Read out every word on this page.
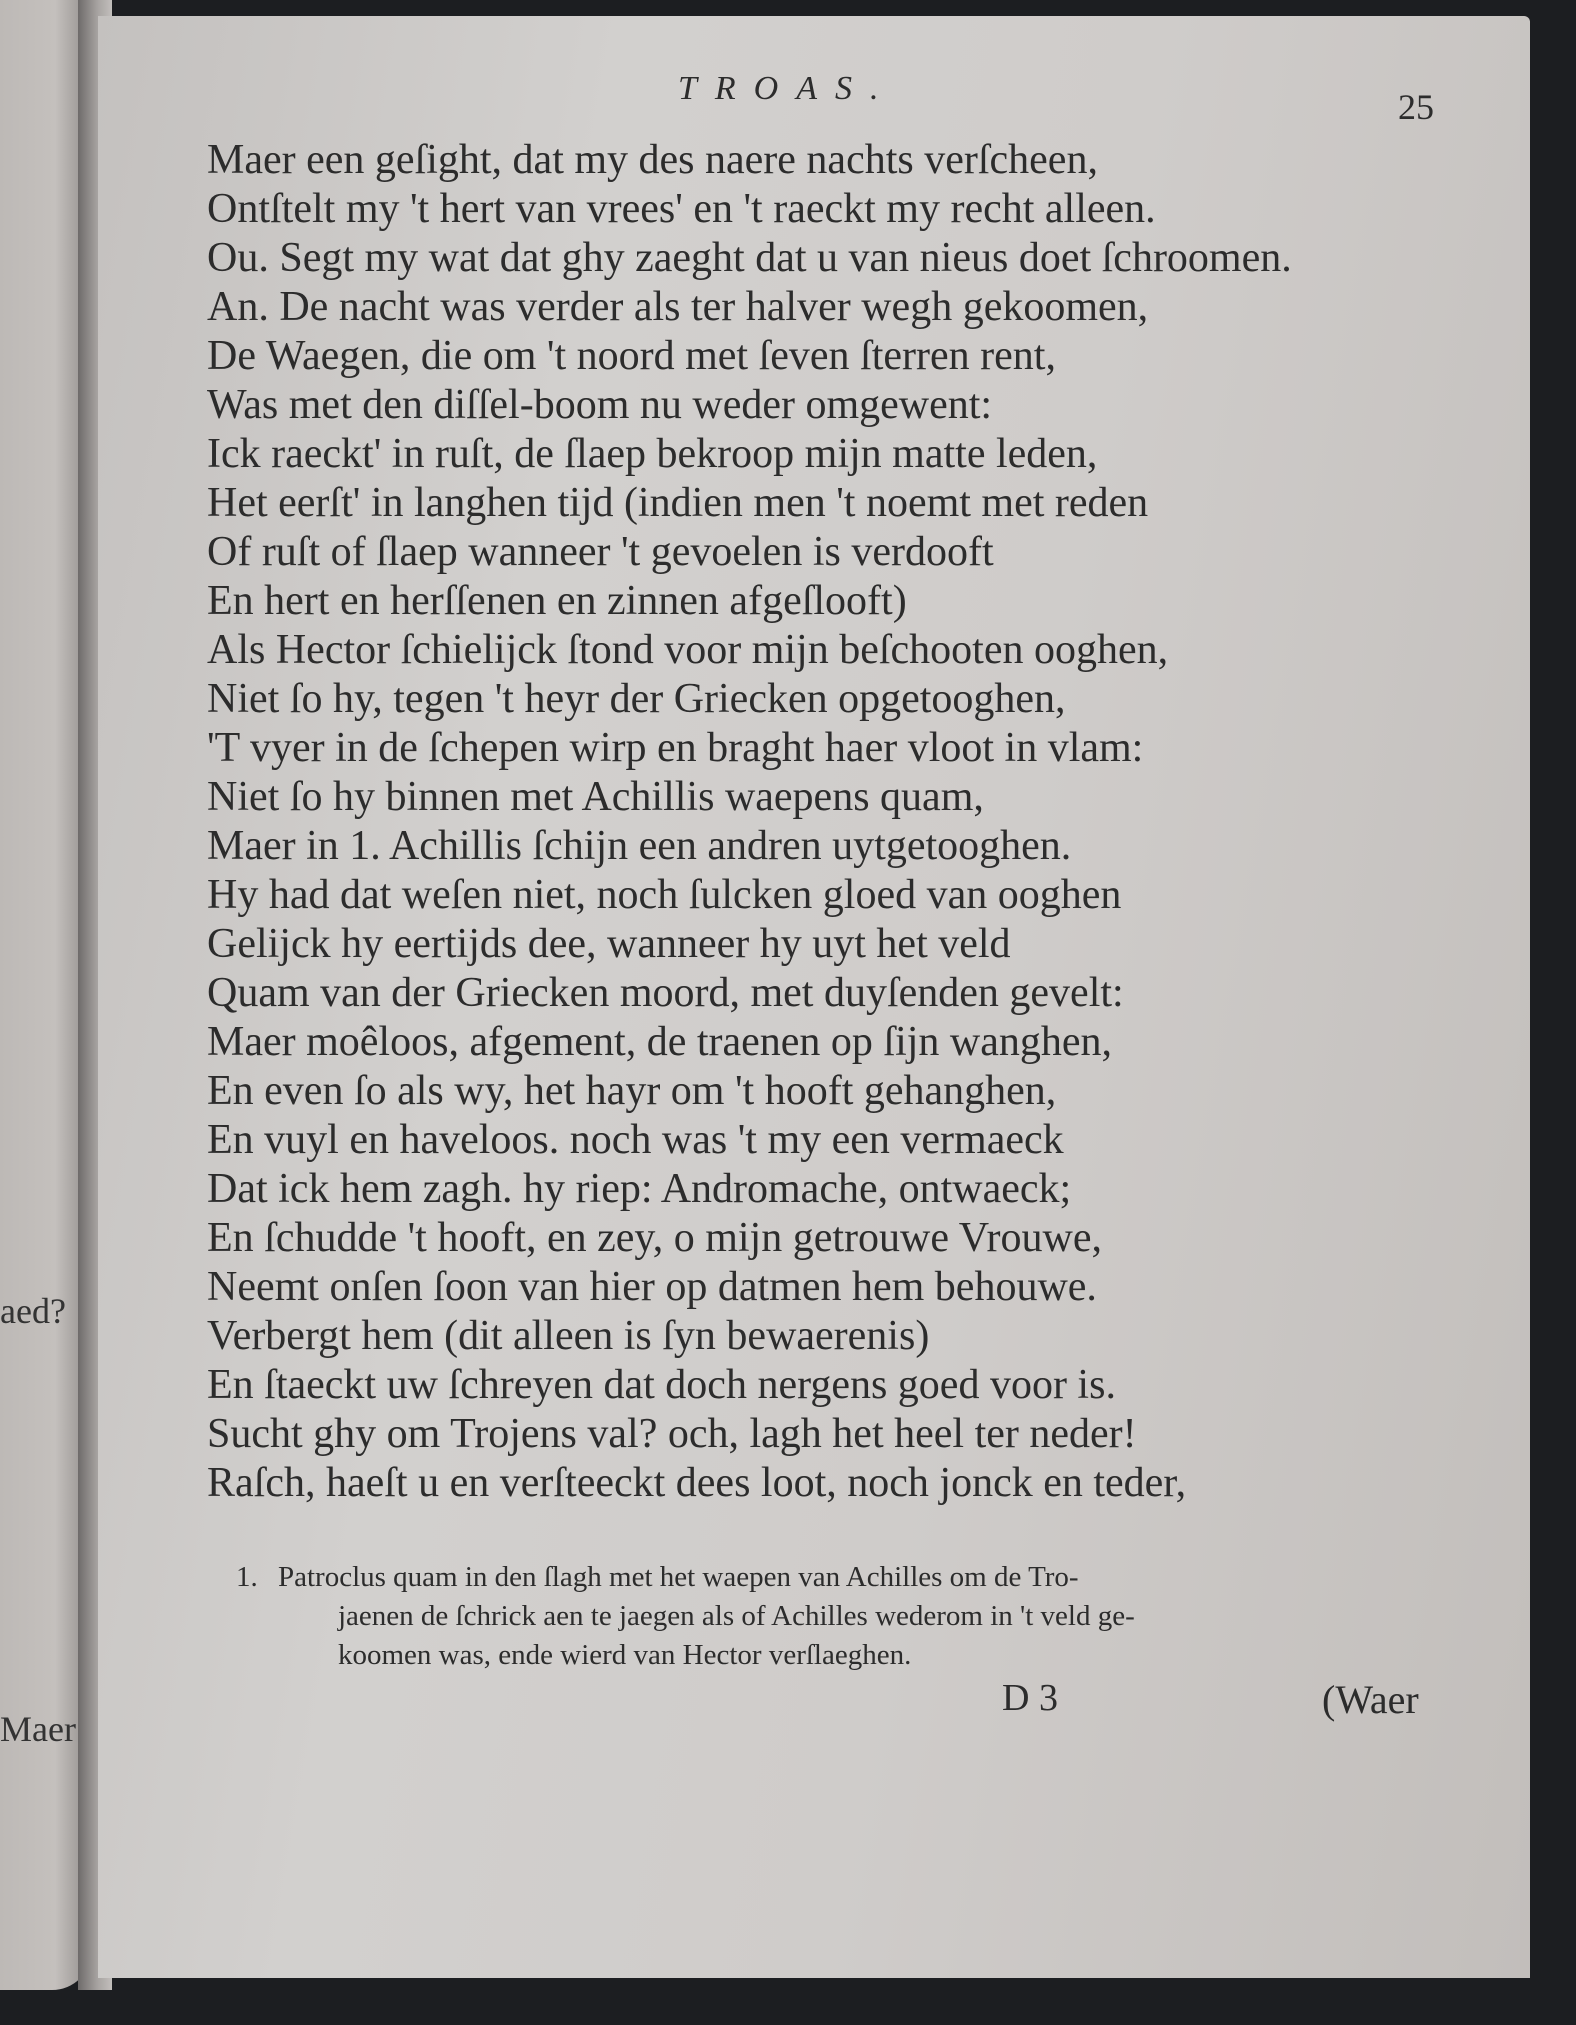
aed?
Maer
TROAS.	25
Maer een geſight, dat my des naere nachts verſcheen,
Ontſtelt my 't hert van vrees' en 't raeckt my recht alleen.
Ou. Segt my wat dat ghy zaeght dat u van nieus doet ſchroomen.
An. De nacht was verder als ter halver wegh gekoomen,
De Waegen, die om 't noord met ſeven ſterren rent,
Was met den diſſel-boom nu weder omgewent:
Ick raeckt' in ruſt, de ſlaep bekroop mijn matte leden,
Het eerſt' in langhen tijd (indien men 't noemt met reden
Of ruſt of ſlaep wanneer 't gevoelen is verdooft
En hert en herſſenen en zinnen afgeſlooft)
Als Hector ſchielijck ſtond voor mijn beſchooten ooghen,
Niet ſo hy, tegen 't heyr der Griecken opgetooghen,
'T vyer in de ſchepen wirp en braght haer vloot in vlam:
Niet ſo hy binnen met Achillis waepens quam,
Maer in 1. Achillis ſchijn een andren uytgetooghen.
Hy had dat weſen niet, noch ſulcken gloed van ooghen
Gelijck hy eertijds dee, wanneer hy uyt het veld
Quam van der Griecken moord, met duyſenden gevelt:
Maer moêloos, afgement, de traenen op ſijn wanghen,
En even ſo als wy, het hayr om 't hooft gehanghen,
En vuyl en haveloos. noch was 't my een vermaeck
Dat ick hem zagh. hy riep: Andromache, ontwaeck;
En ſchudde 't hooft, en zey, o mijn getrouwe Vrouwe,
Neemt onſen ſoon van hier op datmen hem behouwe.
Verbergt hem (dit alleen is ſyn bewaerenis)
En ſtaeckt uw ſchreyen dat doch nergens goed voor is.
Sucht ghy om Trojens val? och, lagh het heel ter neder!
Raſch, haeſt u en verſteeckt dees loot, noch jonck en teder,
1. Patroclus quam in den ſlagh met het waepen van Achilles om de Tro-
jaenen de ſchrick aen te jaegen als of Achilles wederom in 't veld ge-
koomen was, ende wierd van Hector verſlaeghen.
D 3	(Waer
